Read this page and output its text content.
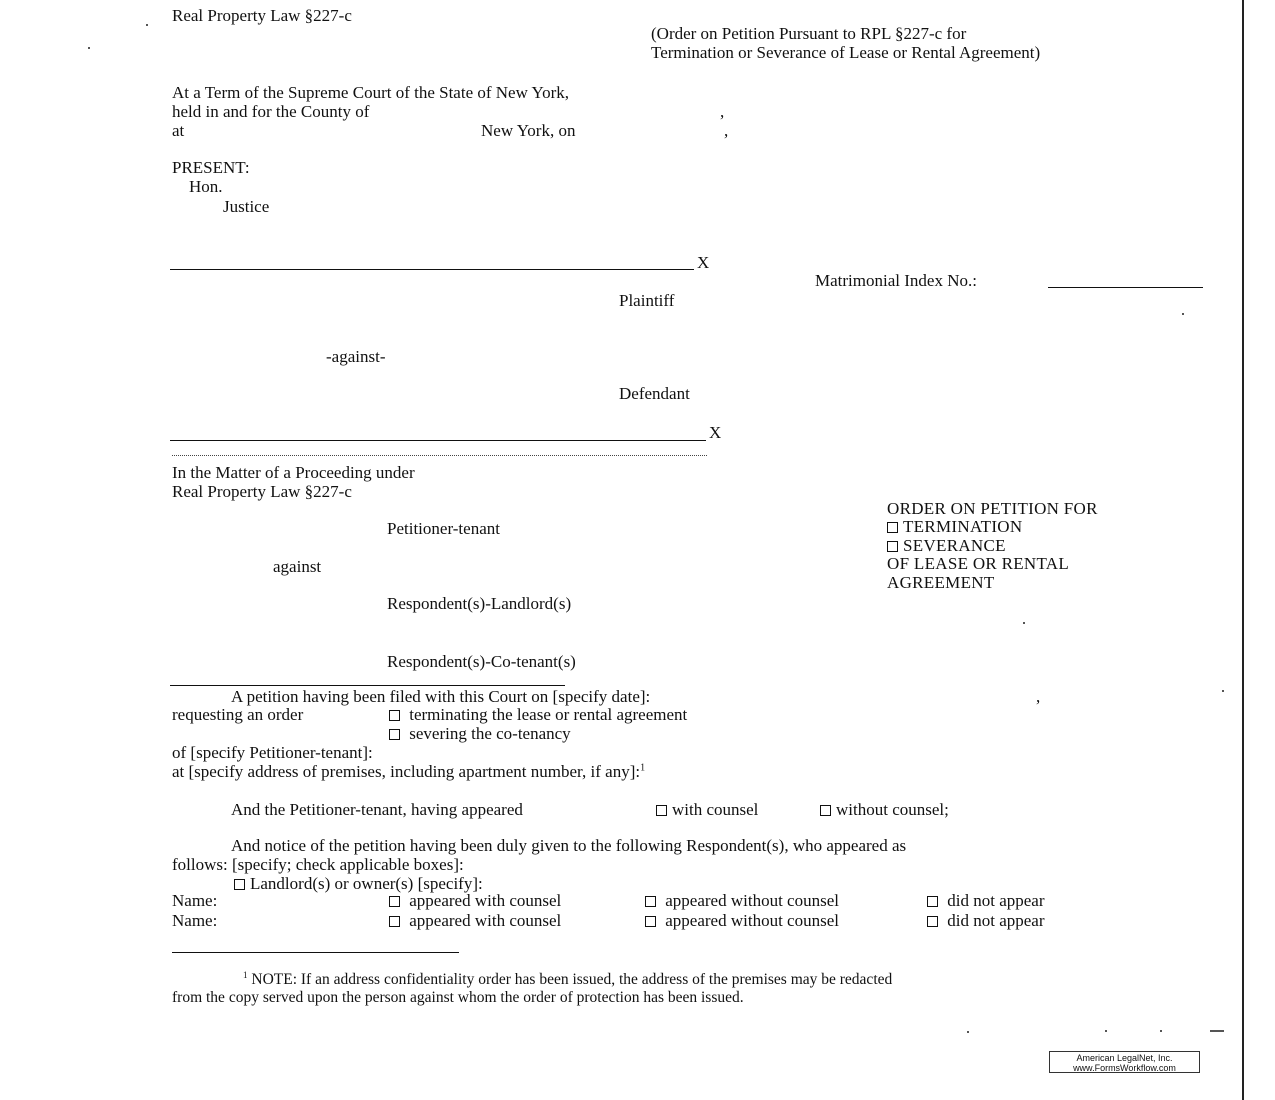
Real Property Law §227-c
(Order on Petition Pursuant to RPL §227-c for
Termination or Severance of Lease or Rental Agreement)
At a Term of the Supreme Court of the State of New York,
held in and for the County of	,
at	New York, on	,
PRESENT:
Hon.
Justice
X
Matrimonial Index No.:
Plaintiff
-against-
Defendant
X
In the Matter of a Proceeding under
Real Property Law §227-c
Petitioner-tenant
against
Respondent(s)-Landlord(s)
Respondent(s)-Co-tenant(s)
ORDER ON PETITION FOR
TERMINATION
SEVERANCE
OF LEASE OR RENTAL
AGREEMENT
A petition having been filed with this Court on [specify date]:	,
requesting an order	terminating the lease or rental agreement
severing the co-tenancy
of [specify Petitioner-tenant]:
at [specify address of premises, including apartment number, if any]:$^1$
And the Petitioner-tenant, having appeared	with counsel	without counsel;
And notice of the petition having been duly given to the following Respondent(s), who appeared as
follows: [specify; check applicable boxes]:
Landlord(s) or owner(s) [specify]:
Name:	appeared with counsel	appeared without counsel	did not appear
Name:	appeared with counsel	appeared without counsel	did not appear
$^1$ NOTE: If an address confidentiality order has been issued, the address of the premises may be redacted
from the copy served upon the person against whom the order of protection has been issued.
American LegalNet, Inc.
www.FormsWorkflow.com
